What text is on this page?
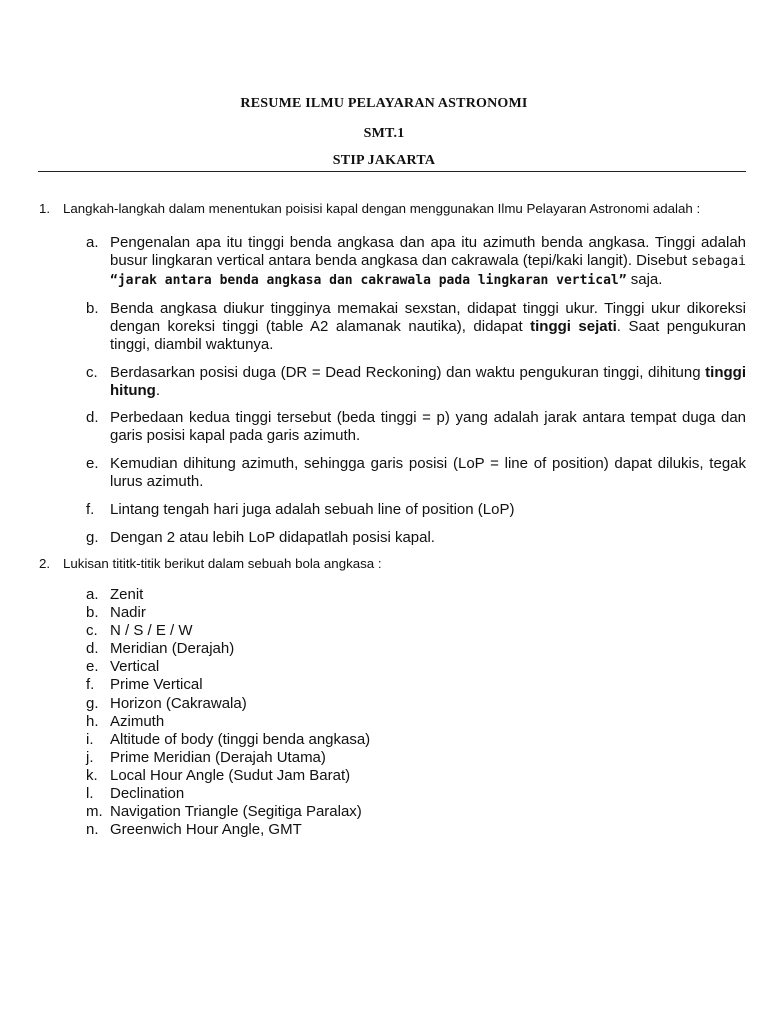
RESUME ILMU PELAYARAN ASTRONOMI
SMT.1
STIP JAKARTA
1. Langkah-langkah dalam menentukan poisisi kapal dengan menggunakan Ilmu Pelayaran Astronomi adalah :
a. Pengenalan apa itu tinggi benda angkasa dan apa itu azimuth benda angkasa. Tinggi adalah busur lingkaran vertical antara benda angkasa dan cakrawala (tepi/kaki langit). Disebut sebagai “jarak antara benda angkasa dan cakrawala pada lingkaran vertical” saja.
b. Benda angkasa diukur tingginya memakai sexstan, didapat tinggi ukur. Tinggi ukur dikoreksi dengan koreksi tinggi (table A2 alamanak nautika), didapat tinggi sejati. Saat pengukuran tinggi, diambil waktunya.
c. Berdasarkan posisi duga (DR = Dead Reckoning) dan waktu pengukuran tinggi, dihitung tinggi hitung.
d. Perbedaan kedua tinggi tersebut (beda tinggi = p) yang adalah jarak antara tempat duga dan garis posisi kapal pada garis azimuth.
e. Kemudian dihitung azimuth, sehingga garis posisi (LoP = line of position) dapat dilukis, tegak lurus azimuth.
f.	Lintang tengah hari juga adalah sebuah line of position (LoP)
g. Dengan 2 atau lebih LoP didapatlah posisi kapal.
2. Lukisan tititk-titik berikut dalam sebuah bola angkasa :
a. Zenit
b. Nadir
c. N / S / E / W
d. Meridian (Derajah)
e. Vertical
f.	Prime Vertical
g. Horizon (Cakrawala)
h. Azimuth
i.	Altitude of body (tinggi benda angkasa)
j.	Prime Meridian (Derajah Utama)
k. Local Hour Angle (Sudut Jam Barat)
l.	Declination
m. Navigation Triangle (Segitiga Paralax)
n. Greenwich Hour Angle, GMT
